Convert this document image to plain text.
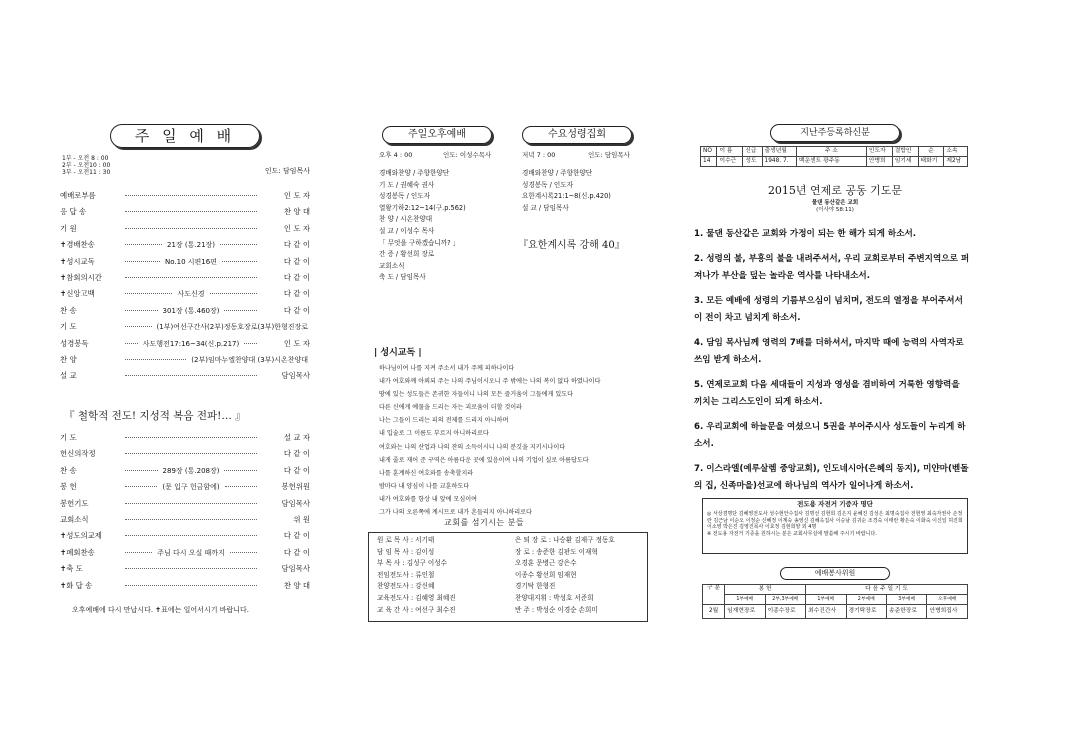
주 일 예 배
1부 - 오전 8 : 00
2부 - 오전10 : 00
3부 - 오전11 : 30	인도: 담임목사
예배로부름	인 도 자
응 답 송	찬 양 대
기 원	인 도 자
✝경배찬송	21장 (통.21장)	다 같 이
✝성시교독	No.10 시편16편	다 같 이
✝참회의시간	다 같 이
✝신앙고백	사도신경	다 같 이
찬 송	301장 (통.460장)	다 같 이
기 도	(1부)여선구간사(2부)정동호장로(3부)한형진장로
성경봉독	사도행전17:16~34(신.p.217)	인 도 자
찬 양	(2부)임마누엘찬양대 (3부)시온찬양대
설 교	담임목사
『 철학적 전도! 지성적 복음 전파!… 』
기 도	설 교 자
헌신의작정	다 같 이
찬 송	289장 (통.208장)	다 같 이
봉 헌	(문 입구 헌금함에)	봉헌위원
봉헌기도	담임목사
교회소식	위 원
✝성도의교제	다 같 이
✝폐회찬송	주님 다시 오실 때까지	다 같 이
✝축 도	담임목사
✝화 답 송	찬 양 대
오후예배에 다시 만납시다. ✝표에는 일어서시기 바랍니다.
주일오후예배
오후 4 : 00	인도: 이성수목사
경배와찬양 / 주향한양단
기 도 / 권혜숙 권사
성경봉독 / 인도자
열왕기하2:12~14(구.p.562)
찬 양 / 시온찬양대
설 교 / 이성수 목사
「 무엇을 구하겠습니까? 」
간 증 / 황선희 장로
교회소식
축 도 / 담임목사
수요성령집회
저녁 7 : 00	인도: 담임목사
경배와찬양 / 주향한양단
성경봉독 / 인도자
요한계시록21:1~8(신.p.420)
설 교 / 담임목사
『요한계시록 강해 40』
| 성시교독 |
하나님이여 나를 지켜 주소서 내가 주께 피하나이다
내가 여호와께 아뢰되 주는 나의 주님이시오니 주 밖에는 나의 복이 없다 하였나이다
땅에 있는 성도들은 존귀한 자들이니 나의 모든 즐거움이 그들에게 있도다
다른 신에게 예물을 드리는 자는 괴로움이 더할 것이라
나는 그들이 드리는 피의 전제를 드리지 아니하며
내 입술로 그 이름도 부르지 아니하리로다
여호와는 나의 산업과 나의 잔의 소득이시니 나의 분깃을 지키시나이다
내게 줄로 재어 준 구역은 아름다운 곳에 있음이여 나의 기업이 실로 아름답도다
나를 훈계하신 여호와를 송축할지라
밤마다 내 양심이 나를 교훈하도다
내가 여호와를 항상 내 앞에 모심이여
그가 나의 오른쪽에 계시므로 내가 흔들리지 아니하리로다
교회를 섬기시는 분들
원 로 목 사 : 서기태
담 임 목 사 : 김이성
부 목 사 : 김성구 이성수
전임전도사 : 류인철
찬양전도사 : 강신혜
교육전도사 : 김혜영 최혜진
교 육 간 사 : 여선구 최수진
은 퇴 장 로 : 나승환 김재구 정동호
장 로 : 송준한 김판도 이재혁
오경훈 문병근 강은수
이종수 황선희 임재현
경기탁 한형진
찬양대지휘 : 박성호 서준희
반 주 : 박성순 이경순 손희미
지난주등록하신분
NO	이 름	신급	출생년월	주 소	인도자	결합인	순	소속
14	이수근	성도	1948. 7.	백운센트 광주동	안병희	임기세	태화기	제2남
2015년 연제로 공동 기도문
물댄 동산같은 교회
(이사야 58:11)
1. 물댄 동산같은 교회와 가정이 되는 한 해가 되게 하소서.
2. 성령의 불, 부흥의 불을 내려주셔서, 우리 교회로부터 주변지역으로 퍼져나가 부산을 덮는 놀라운 역사를 나타내소서.
3. 모든 예배에 성령의 기름부으심이 넘치며, 전도의 열정을 부어주셔서 이 전이 차고 넘치게 하소서.
4. 담임 목사님께 영력의 7배를 더하셔서, 마지막 때에 능력의 사역자로 쓰임 받게 하소서.
5. 연제로교회 다음 세대들이 지성과 영성을 겸비하여 거룩한 영향력을 끼치는 그리스도인이 되게 하소서.
6. 우리교회에 하늘문을 여셨으니 5권을 부어주시사 성도들이 누리게 하소서.
7. 이스라엘(예루살렘 중앙교회), 인도네시아(은혜의 동지), 미얀마(벧돌의 집, 신족마을)선교에 하나님의 역사가 일어나게 하소서.
전도용 자전거 기증자 명단
◎ 서상겸명단 김혜영전도사 성수현안수집사 김명선 김현희 김은지 윤혜진 김성은 최명숙집사 전현영 최숙자권사 손정란 김근남 이순오 이정순 신혜정 이계숙 송영신 김혜옥집사 이승남 김귀순 조경숙 이태란 황은숙 이화숙 이신일 허진희 이소영 박은진 김영진목사 이효정 김현희양 외 4명
※ 전도용 자전거 기증을 원하시는 분은 교회사무실에 말씀해 주시기 바랍니다.
예배봉사위원
구 분	봉 헌		다 음 주 일 기 도			
	1부예배	2부,3부예배	1부예배	2부예배	3부예배	오후예배
2월	임재현장로	이종수장로	최수진간사	경기탁장로	송준한장로	안병희집사
